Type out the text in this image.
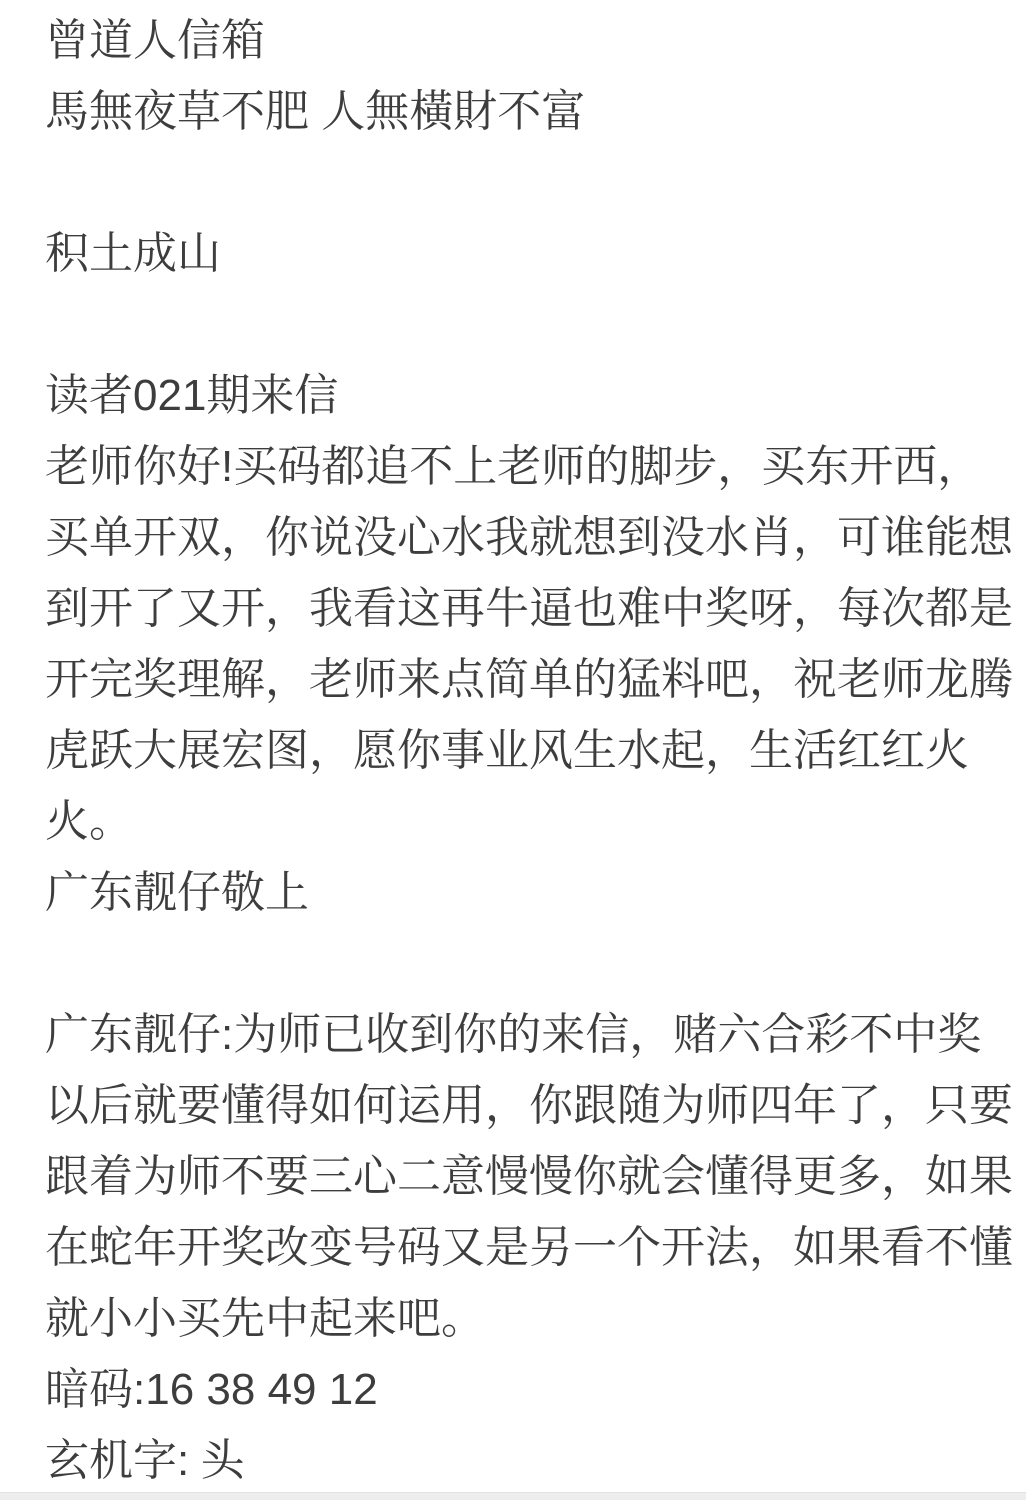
曾道人信箱
馬無夜草不肥 人無橫財不富
积土成山
读者021期来信
老师你好!买码都追不上老师的脚步，买东开西，买单开双，你说没心水我就想到没水肖，可谁能想到开了又开，我看这再牛逼也难中奖呀，每次都是开完奖理解，老师来点简单的猛料吧，祝老师龙腾虎跃大展宏图，愿你事业风生水起，生活红红火火。
广东靓仔敬上
广东靓仔:为师已收到你的来信，赌六合彩不中奖以后就要懂得如何运用，你跟随为师四年了，只要跟着为师不要三心二意慢慢你就会懂得更多，如果在蛇年开奖改变号码又是另一个开法，如果看不懂就小小买先中起来吧。
暗码:16 38 49 12
玄机字: 头
